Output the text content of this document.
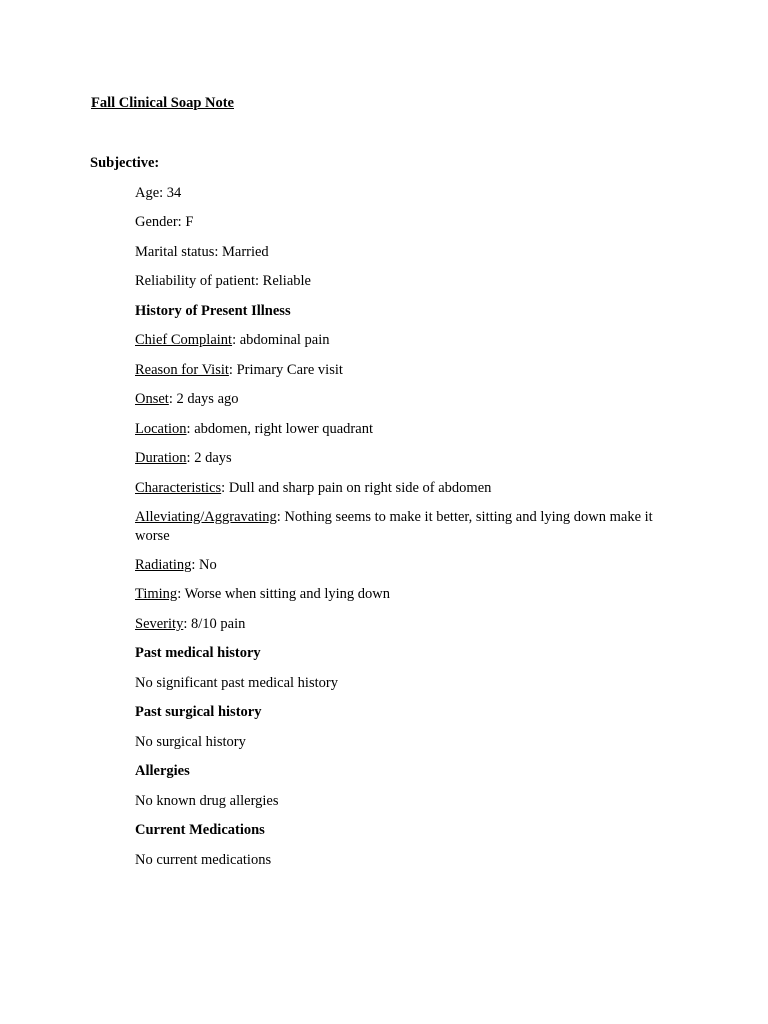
Fall Clinical Soap Note
Subjective:
Age: 34
Gender: F
Marital status: Married
Reliability of patient: Reliable
History of Present Illness
Chief Complaint: abdominal pain
Reason for Visit: Primary Care visit
Onset: 2 days ago
Location: abdomen, right lower quadrant
Duration: 2 days
Characteristics: Dull and sharp pain on right side of abdomen
Alleviating/Aggravating: Nothing seems to make it better, sitting and lying down make it worse
Radiating: No
Timing: Worse when sitting and lying down
Severity: 8/10 pain
Past medical history
No significant past medical history
Past surgical history
No surgical history
Allergies
No known drug allergies
Current Medications
No current medications
